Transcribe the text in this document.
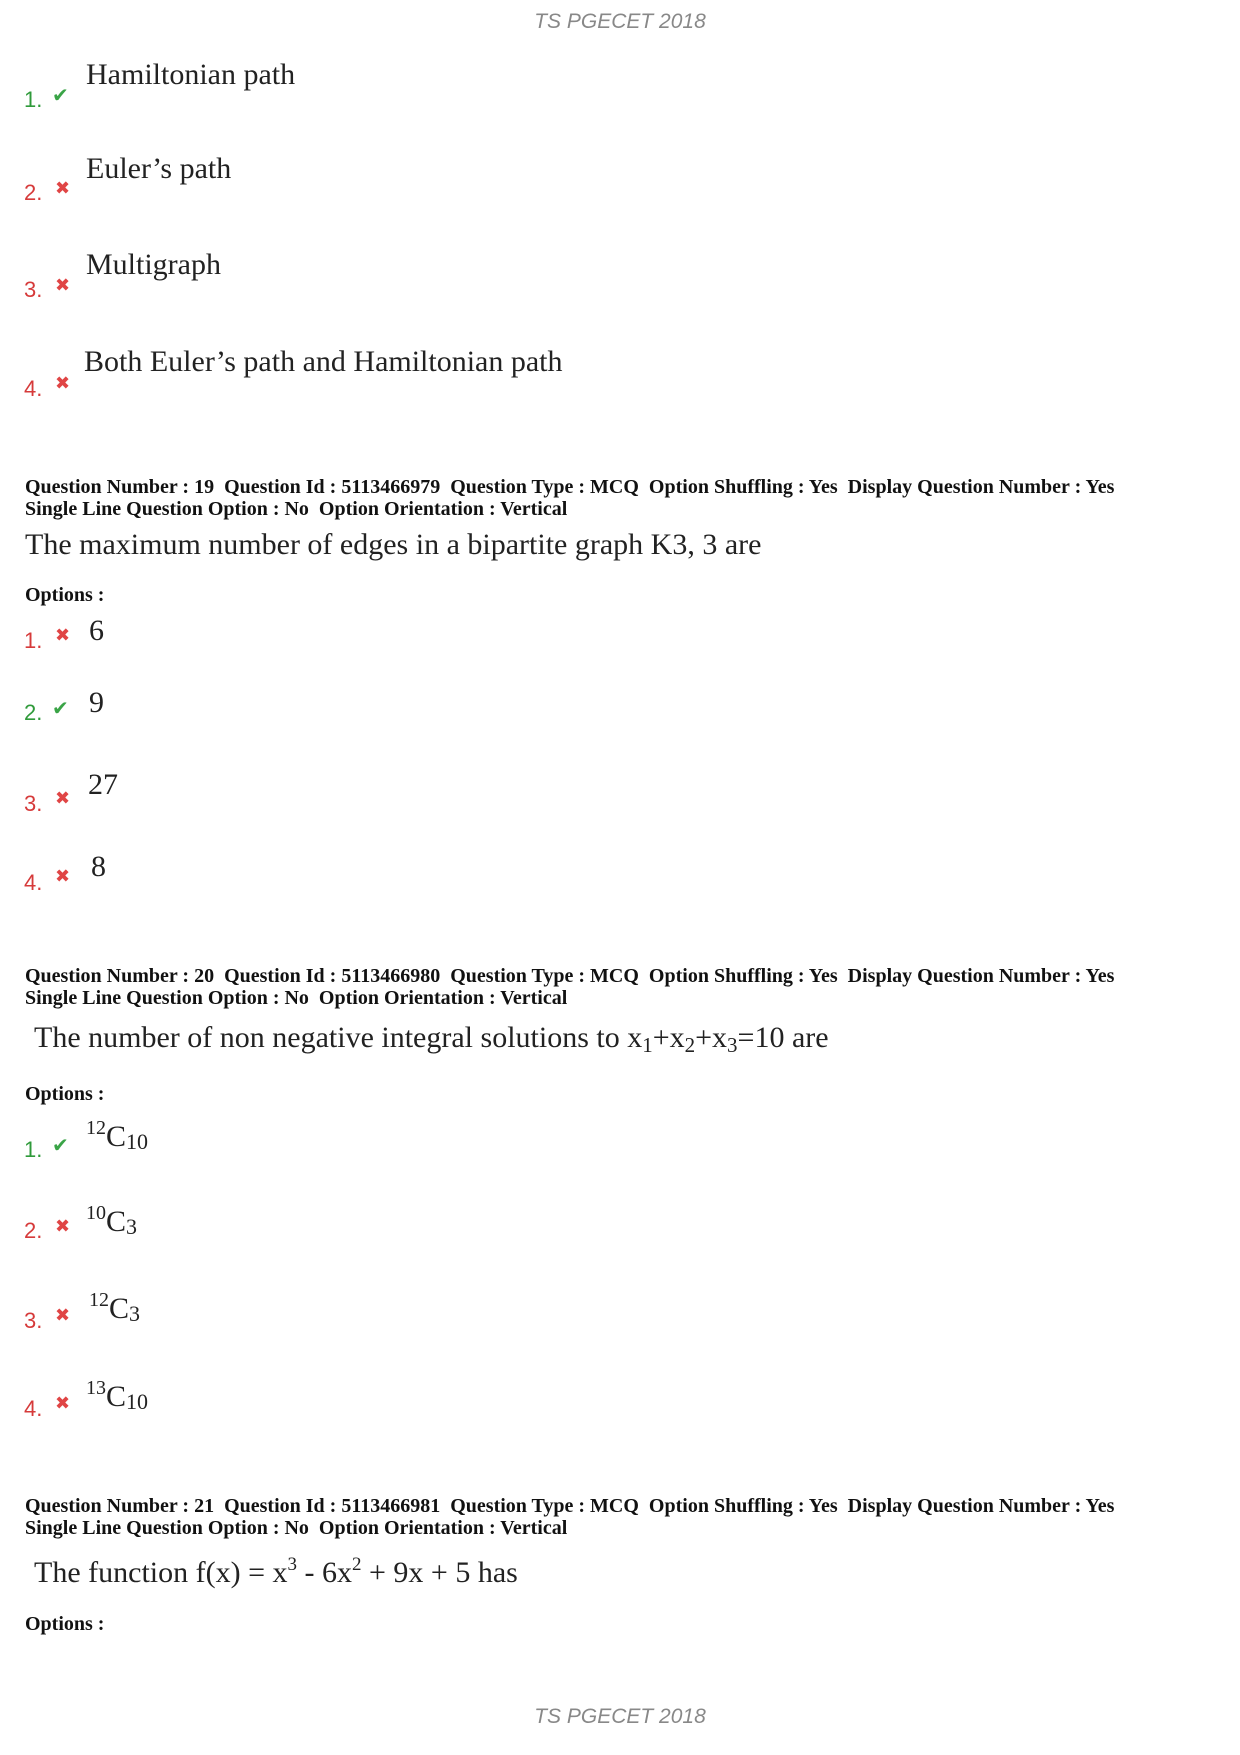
TS PGECET 2018
1. ✔
Hamiltonian path
2. ✖
Euler’s path
3. ✖
Multigraph
4. ✖
Both Euler’s path and Hamiltonian path
Question Number : 19  Question Id : 5113466979  Question Type : MCQ  Option Shuffling : Yes  Display Question Number : Yes
Single Line Question Option : No  Option Orientation : Vertical
The maximum number of edges in a bipartite graph K3, 3 are
Options :
1. ✖ 6
2. ✔ 9
3. ✖ 27
4. ✖ 8
Question Number : 20  Question Id : 5113466980  Question Type : MCQ  Option Shuffling : Yes  Display Question Number : Yes
Single Line Question Option : No  Option Orientation : Vertical
The number of non negative integral solutions to x1+x2+x3=10 are
Options :
1. ✔
$^{12}C_{10}$
2. ✖
$^{10}C_3$
3. ✖
$^{12}C_3$
4. ✖
$^{13}C_{10}$
Question Number : 21  Question Id : 5113466981  Question Type : MCQ  Option Shuffling : Yes  Display Question Number : Yes
Single Line Question Option : No  Option Orientation : Vertical
The function $f(x) = x^3 - 6x^2 + 9x + 5$ has
Options :
TS PGECET 2018
